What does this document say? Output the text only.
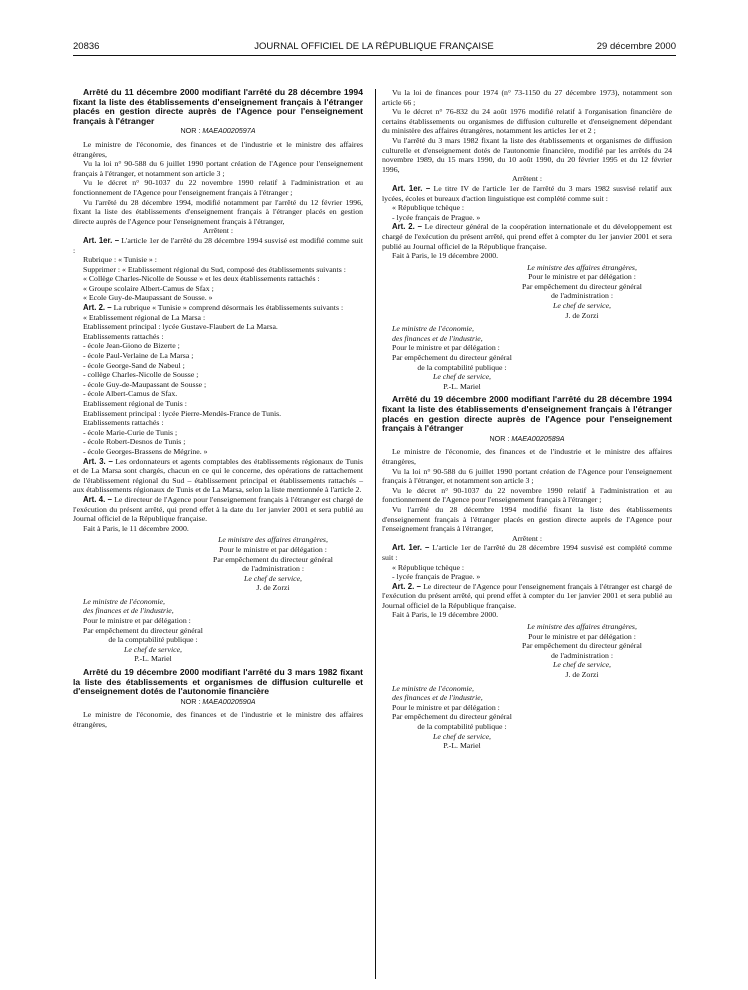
20836	JOURNAL OFFICIEL DE LA RÉPUBLIQUE FRANÇAISE	29 décembre 2000

Arrêté du 11 décembre 2000 modifiant l'arrêté du 28 décembre 1994 fixant la liste des établissements d'enseignement français à l'étranger placés en gestion directe auprès de l'Agence pour l'enseignement français à l'étranger

NOR : MAEA0020597A

Le ministre de l'économie, des finances et de l'industrie et le ministre des affaires étrangères,

Vu la loi n° 90-588 du 6 juillet 1990 portant création de l'Agence pour l'enseignement français à l'étranger, et notamment son article 3 ;

Vu le décret n° 90-1037 du 22 novembre 1990 relatif à l'administration et au fonctionnement de l'Agence pour l'enseignement français à l'étranger ;

Vu l'arrêté du 28 décembre 1994, modifié notamment par l'arrêté du 12 février 1996, fixant la liste des établissements d'enseignement français à l'étranger placés en gestion directe auprès de l'Agence pour l'enseignement français à l'étranger,

Arrêtent :

Art. 1er. – L'article 1er de l'arrêté du 28 décembre 1994 susvisé est modifié comme suit :

Rubrique : « Tunisie » :

Supprimer : « Etablissement régional du Sud, composé des établissements suivants :

« Collège Charles-Nicolle de Sousse » et les deux établissements rattachés :

« Groupe scolaire Albert-Camus de Sfax ;

« Ecole Guy-de-Maupassant de Sousse. »

Art. 2. – La rubrique « Tunisie » comprend désormais les établissements suivants :

« Etablissement régional de La Marsa :

Etablissement principal : lycée Gustave-Flaubert de La Marsa.

Etablissements rattachés :

- école Jean-Giono de Bizerte ;

- école Paul-Verlaine de La Marsa ;

- école George-Sand de Nabeul ;

- collège Charles-Nicolle de Sousse ;

- école Guy-de-Maupassant de Sousse ;

- école Albert-Camus de Sfax.

Etablissement régional de Tunis :

Etablissement principal : lycée Pierre-Mendès-France de Tunis.

Etablissements rattachés :

- école Marie-Curie de Tunis ;

- école Robert-Desnos de Tunis ;

- école Georges-Brassens de Mégrine. »

Art. 3. – Les ordonnateurs et agents comptables des établissements régionaux de Tunis et de La Marsa sont chargés, chacun en ce qui le concerne, des opérations de rattachement de l'établissement régional du Sud – établissement principal et établissements rattachés – aux établissements régionaux de Tunis et de La Marsa, selon la liste mentionnée à l'article 2.

Art. 4. – Le directeur de l'Agence pour l'enseignement français à l'étranger est chargé de l'exécution du présent arrêté, qui prend effet à la date du 1er janvier 2001 et sera publié au Journal officiel de la République française.

Fait à Paris, le 11 décembre 2000.

Le ministre des affaires étrangères,
Pour le ministre et par délégation :
Par empêchement du directeur général
de l'administration :
Le chef de service,
J. de Zorzi
Le ministre de l'économie,
des finances et de l'industrie,
Pour le ministre et par délégation :
Par empêchement du directeur général
de la comptabilité publique :
Le chef de service,
P.-L. Mariel

Arrêté du 19 décembre 2000 modifiant l'arrêté du 3 mars 1982 fixant la liste des établissements et organismes de diffusion culturelle et d'enseignement dotés de l'autonomie financière

NOR : MAEA0020590A

Le ministre de l'économie, des finances et de l'industrie et le ministre des affaires étrangères,

Vu la loi de finances pour 1974 (n° 73-1150 du 27 décembre 1973), notamment son article 66 ;

Vu le décret n° 76-832 du 24 août 1976 modifié relatif à l'organisation financière de certains établissements ou organismes de diffusion culturelle et d'enseignement dépendant du ministère des affaires étrangères, notamment les articles 1er et 2 ;

Vu l'arrêté du 3 mars 1982 fixant la liste des établissements et organismes de diffusion culturelle et d'enseignement dotés de l'autonomie financière, modifié par les arrêtés du 24 novembre 1989, du 15 mars 1990, du 10 août 1990, du 20 février 1995 et du 12 février 1996,

Arrêtent :

Art. 1er. – Le titre IV de l'article 1er de l'arrêté du 3 mars 1982 susvisé relatif aux lycées, écoles et bureaux d'action linguistique est complété comme suit :

« République tchèque :

- lycée français de Prague. »

Art. 2. – Le directeur général de la coopération internationale et du développement est chargé de l'exécution du présent arrêté, qui prend effet à compter du 1er janvier 2001 et sera publié au Journal officiel de la République française.

Fait à Paris, le 19 décembre 2000.

Le ministre des affaires étrangères,
Pour le ministre et par délégation :
Par empêchement du directeur général
de l'administration :
Le chef de service,
J. de Zorzi
Le ministre de l'économie,
des finances et de l'industrie,
Pour le ministre et par délégation :
Par empêchement du directeur général
de la comptabilité publique :
Le chef de service,
P.-L. Mariel

Arrêté du 19 décembre 2000 modifiant l'arrêté du 28 décembre 1994 fixant la liste des établissements d'enseignement français à l'étranger placés en gestion directe auprès de l'Agence pour l'enseignement français à l'étranger

NOR : MAEA0020589A

Le ministre de l'économie, des finances et de l'industrie et le ministre des affaires étrangères,

Vu la loi n° 90-588 du 6 juillet 1990 portant création de l'Agence pour l'enseignement français à l'étranger, et notamment son article 3 ;

Vu le décret n° 90-1037 du 22 novembre 1990 relatif à l'administration et au fonctionnement de l'Agence pour l'enseignement français à l'étranger ;

Vu l'arrêté du 28 décembre 1994 modifié fixant la liste des établissements d'enseignement français à l'étranger placés en gestion directe auprès de l'Agence pour l'enseignement français à l'étranger,

Arrêtent :

Art. 1er. – L'article 1er de l'arrêté du 28 décembre 1994 susvisé est complété comme suit :

« République tchèque :

- lycée français de Prague. »

Art. 2. – Le directeur de l'Agence pour l'enseignement français à l'étranger est chargé de l'exécution du présent arrêté, qui prend effet à compter du 1er janvier 2001 et sera publié au Journal officiel de la République française.

Fait à Paris, le 19 décembre 2000.

Le ministre des affaires étrangères,
Pour le ministre et par délégation :
Par empêchement du directeur général
de l'administration :
Le chef de service,
J. de Zorzi
Le ministre de l'économie,
des finances et de l'industrie,
Pour le ministre et par délégation :
Par empêchement du directeur général
de la comptabilité publique :
Le chef de service,
P.-L. Mariel
